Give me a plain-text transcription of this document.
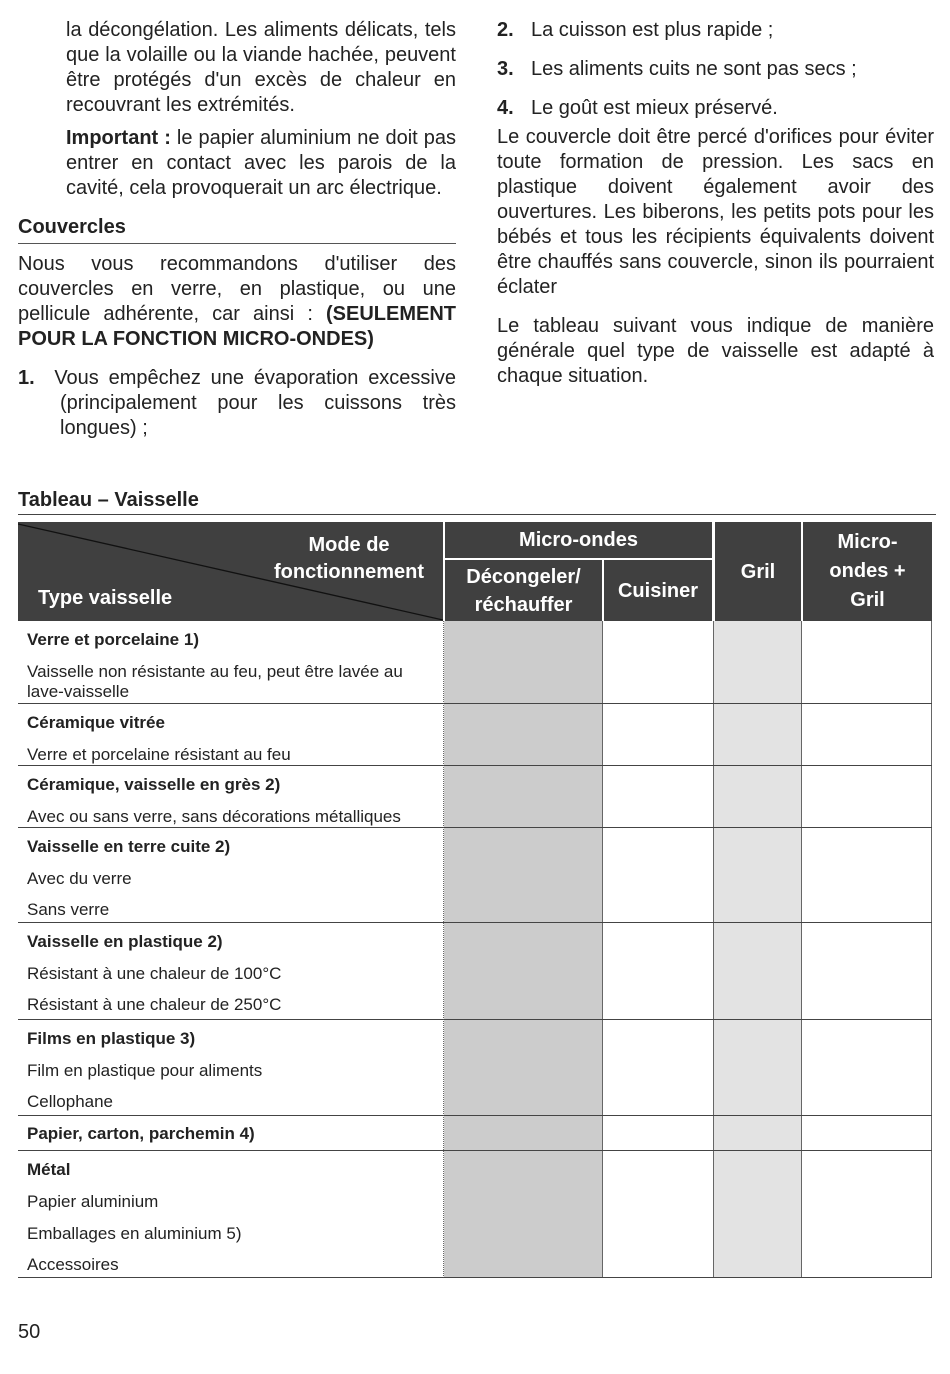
la décongélation. Les aliments délicats, tels que la volaille ou la viande hachée, peuvent être protégés d'un excès de chaleur en recouvrant les extrémités.

Important : le papier aluminium ne doit pas entrer en contact avec les parois de la cavité, cela provoquerait un arc électrique.

Couvercles

Nous vous recommandons d'utiliser des couvercles en verre, en plastique, ou une pellicule adhérente, car ainsi : (SEULEMENT POUR LA FONCTION MICRO-ONDES)

1. Vous empêchez une évaporation excessive (principalement pour les cuissons très longues) ;

2. La cuisson est plus rapide ;
3. Les aliments cuits ne sont pas secs ;
4. Le goût est mieux préservé.

Le couvercle doit être percé d'orifices pour éviter toute formation de pression. Les sacs en plastique doivent également avoir des ouvertures. Les biberons, les petits pots pour les bébés et tous les récipients équivalents doivent être chauffés sans couvercle, sinon ils pourraient éclater

Le tableau suivant vous indique de manière générale quel type de vaisselle est adapté à chaque situation.

Tableau – Vaisselle
Mode de
fonctionnement
Type vaisselle
Micro-ondes
Décongeler/
réchauffer
Cuisiner
Gril
Micro-
ondes +
Gril
Verre et porcelaine 1)
Vaisselle non résistante au feu, peut être lavée au lave-vaisselle
Céramique vitrée
Verre et porcelaine résistant au feu
Céramique, vaisselle en grès 2)
Avec ou sans verre, sans décorations métalliques
Vaisselle en terre cuite 2)
Avec du verre
Sans verre
Vaisselle en plastique 2)
Résistant à une chaleur de 100°C
Résistant à une chaleur de 250°C
Films en plastique 3)
Film en plastique pour aliments
Cellophane
Papier, carton, parchemin 4)
Métal
Papier aluminium
Emballages en aluminium 5)
Accessoires
50
